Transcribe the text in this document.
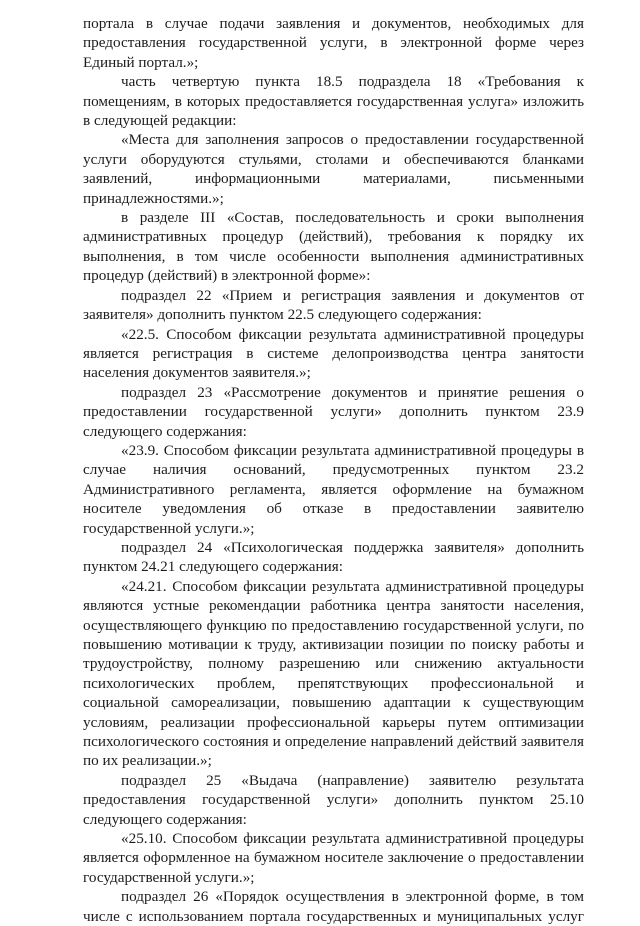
портала в случае подачи заявления и документов, необходимых для предоставления государственной услуги, в электронной форме через Единый портал.»;

часть четвертую пункта 18.5 подраздела 18 «Требования к помещениям, в которых предоставляется государственная услуга» изложить в следующей редакции:

«Места для заполнения запросов о предоставлении государственной услуги оборудуются стульями, столами и обеспечиваются бланками заявлений, информационными материалами, письменными принадлежностями.»;

в разделе III «Состав, последовательность и сроки выполнения административных процедур (действий), требования к порядку их выполнения, в том числе особенности выполнения административных процедур (действий) в электронной форме»:

подраздел 22 «Прием и регистрация заявления и документов от заявителя» дополнить пунктом 22.5 следующего содержания:

«22.5. Способом фиксации результата административной процедуры является регистрация в системе делопроизводства центра занятости населения документов заявителя.»;

подраздел 23 «Рассмотрение документов и принятие решения о предоставлении государственной услуги» дополнить пунктом 23.9 следующего содержания:

«23.9. Способом фиксации результата административной процедуры в случае наличия оснований, предусмотренных пунктом 23.2 Административного регламента, является оформление на бумажном носителе уведомления об отказе в предоставлении заявителю государственной услуги.»;

подраздел 24 «Психологическая поддержка заявителя» дополнить пунктом 24.21 следующего содержания:

«24.21. Способом фиксации результата административной процедуры являются устные рекомендации работника центра занятости населения, осуществляющего функцию по предоставлению государственной услуги, по повышению мотивации к труду, активизации позиции по поиску работы и трудоустройству, полному разрешению или снижению актуальности психологических проблем, препятствующих профессиональной и социальной самореализации, повышению адаптации к существующим условиям, реализации профессиональной карьеры путем оптимизации психологического состояния и определение направлений действий заявителя по их реализации.»;

подраздел 25 «Выдача (направление) заявителю результата предоставления государственной услуги» дополнить пунктом 25.10 следующего содержания:

«25.10. Способом фиксации результата административной процедуры является оформленное на бумажном носителе заключение о предоставлении государственной услуги.»;

подраздел 26 «Порядок осуществления в электронной форме, в том числе с использованием портала государственных и муниципальных услуг
